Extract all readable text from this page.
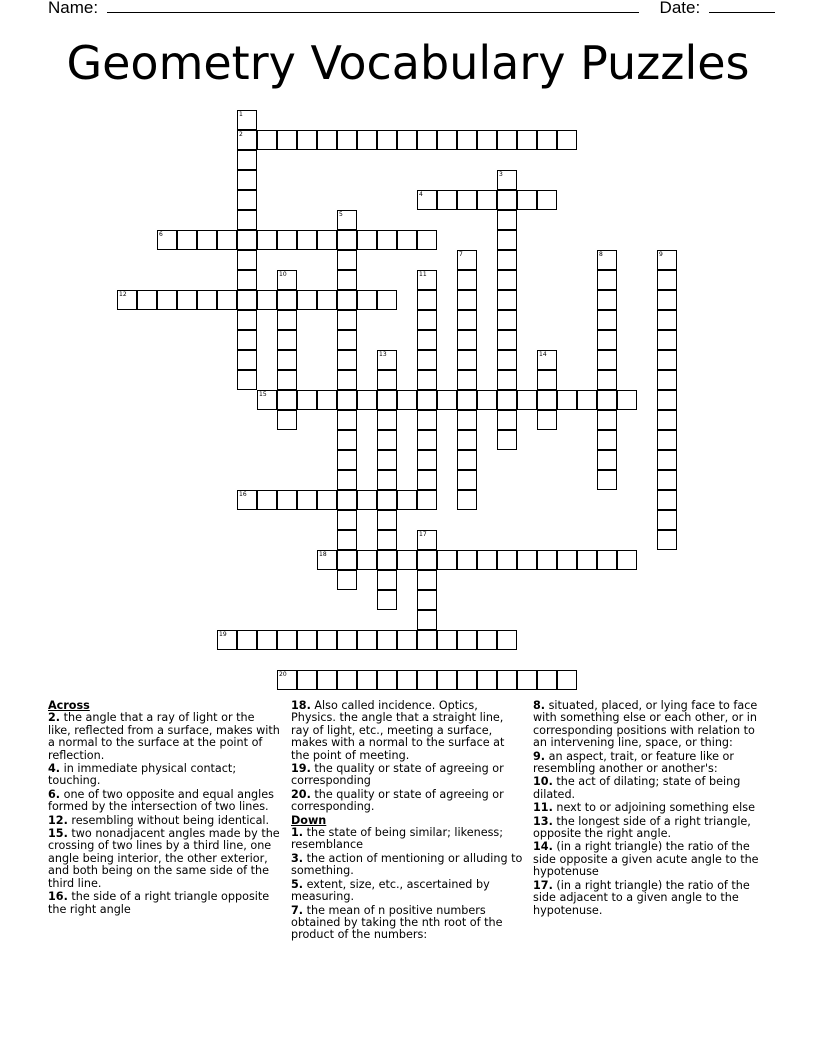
Name:	Date:
Geometry Vocabulary Puzzles
1
2
3
4
5
6
7	8	9
10	11
12
13	14
15
16
17
18
19
20
Across
2. the angle that a ray of light or the like, reflected from a surface, makes with a normal to the surface at the point of reflection.
4. in immediate physical contact; touching.
6. one of two opposite and equal angles formed by the intersection of two lines.
12. resembling without being identical.
15. two nonadjacent angles made by the crossing of two lines by a third line, one angle being interior, the other exterior, and both being on the same side of the third line.
16. the side of a right triangle opposite the right angle
18. Also called incidence. Optics, Physics. the angle that a straight line, ray of light, etc., meeting a surface, makes with a normal to the surface at the point of meeting.
19. the quality or state of agreeing or corresponding
20. the quality or state of agreeing or corresponding.
Down
1. the state of being similar; likeness; resemblance
3. the action of mentioning or alluding to something.
5. extent, size, etc., ascertained by measuring.
7. the mean of n positive numbers obtained by taking the nth root of the product of the numbers:
8. situated, placed, or lying face to face with something else or each other, or in corresponding positions with relation to an intervening line, space, or thing:
9. an aspect, trait, or feature like or resembling another or another's:
10. the act of dilating; state of being dilated.
11. next to or adjoining something else
13. the longest side of a right triangle, opposite the right angle.
14. (in a right triangle) the ratio of the side opposite a given acute angle to the hypotenuse
17. (in a right triangle) the ratio of the side adjacent to a given angle to the hypotenuse.
